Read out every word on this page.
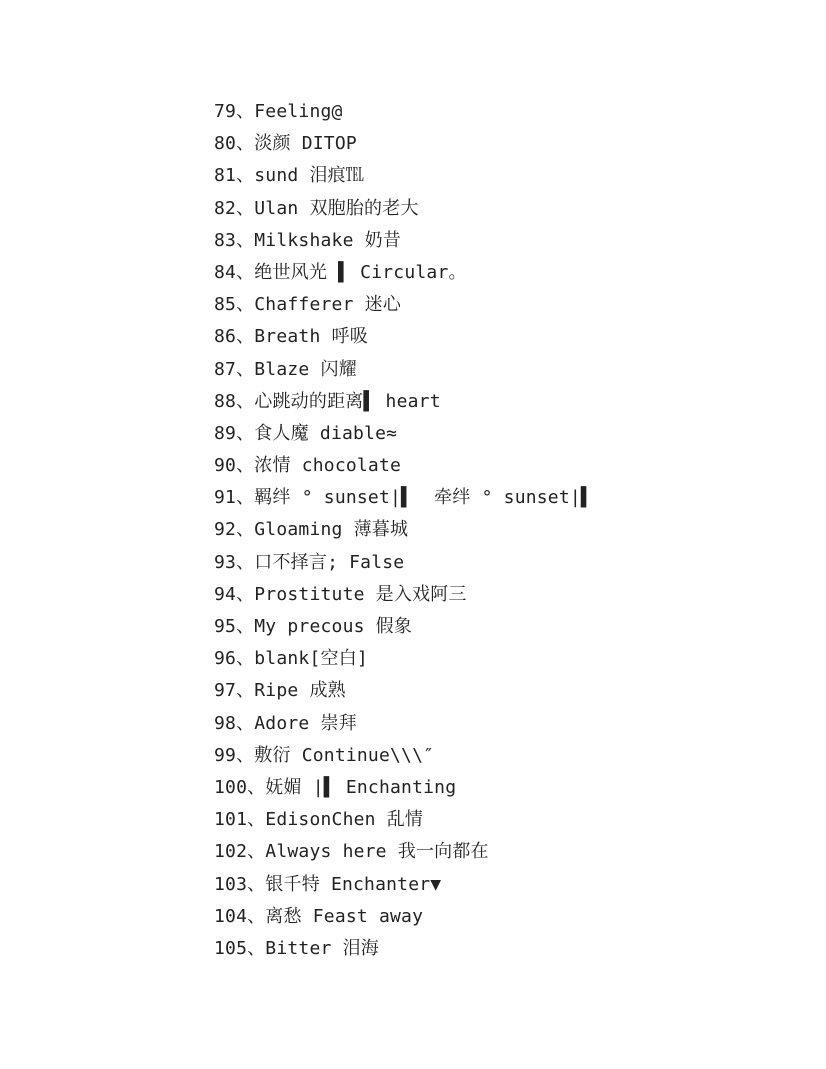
79、Feeling@
80、淡颜 DITOP
81、sund 泪痕℡
82、Ulan 双胞胎的老大
83、Milkshake 奶昔
84、绝世风光 ▌ Circular。
85、Chafferer 迷心
86、Breath 呼吸
87、Blaze 闪耀
88、心跳动的距离▌ heart
89、食人魔 diable≈
90、浓情 chocolate
91、羁绊 ° sunset|▌  牵绊 ° sunset|▌
92、Gloaming 薄暮城
93、口不择言; False
94、Prostitute 是入戏阿三
95、My precous 假象
96、blank[空白]
97、Ripe 成熟
98、Adore 崇拜
99、敷衍 Continue\\\″
100、妩媚 |▌ Enchanting
101、EdisonChen 乱情
102、Always here 我一向都在
103、银千特 Enchanter▼
104、离愁 Feast away
105、Bitter 泪海
